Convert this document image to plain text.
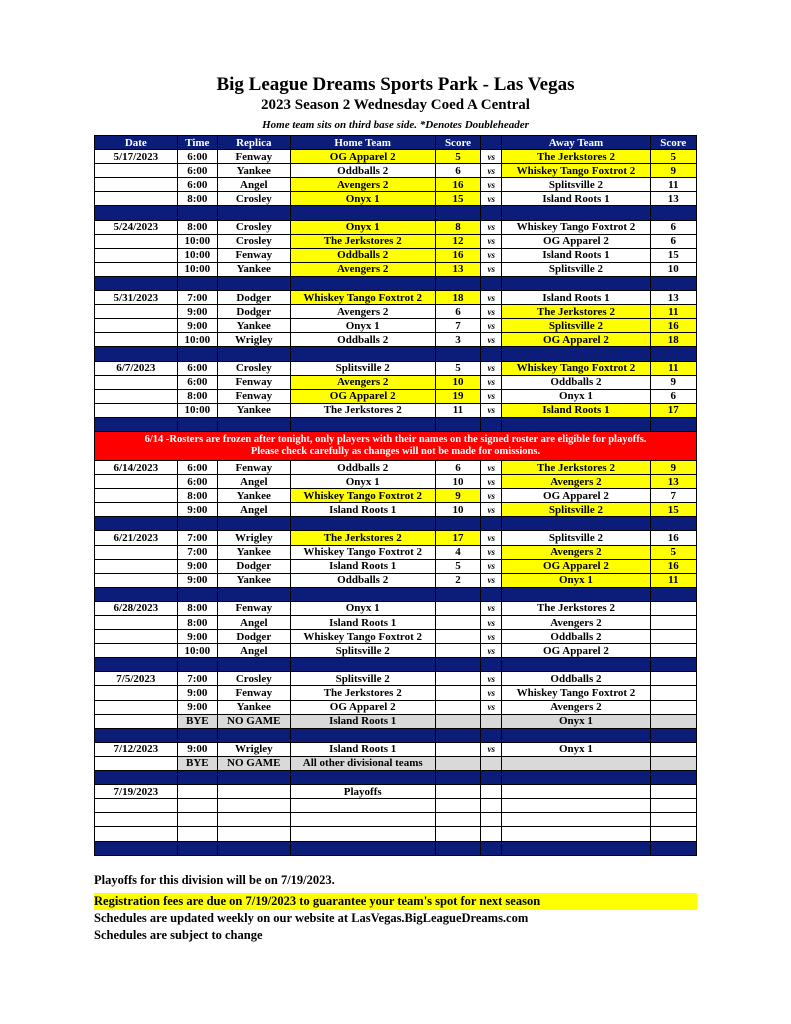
Big League Dreams Sports Park - Las Vegas
2023 Season 2 Wednesday Coed A Central
Home team sits on third base side. *Denotes Doubleheader
Date	Time	Replica	Home Team	Score		Away Team	Score
5/17/2023	6:00	Fenway	OG Apparel 2	5	vs	The Jerkstores 2	5
	6:00	Yankee	Oddballs 2	6	vs	Whiskey Tango Foxtrot 2	9
	6:00	Angel	Avengers 2	16	vs	Splitsville 2	11
	8:00	Crosley	Onyx 1	15	vs	Island Roots 1	13

5/24/2023	8:00	Crosley	Onyx 1	8	vs	Whiskey Tango Foxtrot 2	6
	10:00	Crosley	The Jerkstores 2	12	vs	OG Apparel 2	6
	10:00	Fenway	Oddballs 2	16	vs	Island Roots 1	15
	10:00	Yankee	Avengers 2	13	vs	Splitsville 2	10

5/31/2023	7:00	Dodger	Whiskey Tango Foxtrot 2	18	vs	Island Roots 1	13
	9:00	Dodger	Avengers 2	6	vs	The Jerkstores 2	11
	9:00	Yankee	Onyx 1	7	vs	Splitsville 2	16
	10:00	Wrigley	Oddballs 2	3	vs	OG Apparel 2	18

6/7/2023	6:00	Crosley	Splitsville 2	5	vs	Whiskey Tango Foxtrot 2	11
	6:00	Fenway	Avengers 2	10	vs	Oddballs 2	9
	8:00	Fenway	OG Apparel 2	19	vs	Onyx 1	6
	10:00	Yankee	The Jerkstores 2	11	vs	Island Roots 1	17

6/14 -Rosters are frozen after tonight, only players with their names on the signed roster are eligible for playoffs.
Please check carefully as changes will not be made for omissions.							

6/14/2023	6:00	Fenway	Oddballs 2	6	vs	The Jerkstores 2	9
	6:00	Angel	Onyx 1	10	vs	Avengers 2	13
	8:00	Yankee	Whiskey Tango Foxtrot 2	9	vs	OG Apparel 2	7
	9:00	Angel	Island Roots 1	10	vs	Splitsville 2	15

6/21/2023	7:00	Wrigley	The Jerkstores 2	17	vs	Splitsville 2	16
	7:00	Yankee	Whiskey Tango Foxtrot 2	4	vs	Avengers 2	5
	9:00	Dodger	Island Roots 1	5	vs	OG Apparel 2	16
	9:00	Yankee	Oddballs 2	2	vs	Onyx 1	11

6/28/2023	8:00	Fenway	Onyx 1		vs	The Jerkstores 2	
	8:00	Angel	Island Roots 1		vs	Avengers 2	
	9:00	Dodger	Whiskey Tango Foxtrot 2		vs	Oddballs 2	
	10:00	Angel	Splitsville 2		vs	OG Apparel 2	

7/5/2023	7:00	Crosley	Splitsville 2		vs	Oddballs 2	
	9:00	Fenway	The Jerkstores 2		vs	Whiskey Tango Foxtrot 2	
	9:00	Yankee	OG Apparel 2		vs	Avengers 2	
	BYE	NO GAME	Island Roots 1			Onyx 1	

7/12/2023	9:00	Wrigley	Island Roots 1		vs	Onyx 1	
	BYE	NO GAME	All other divisional teams				

7/19/2023			Playoffs				

Playoffs for this division will be on 7/19/2023.
Registration fees are due on 7/19/2023 to guarantee your team's spot for next season
Schedules are updated weekly on our website at LasVegas.BigLeagueDreams.com
Schedules are subject to change
